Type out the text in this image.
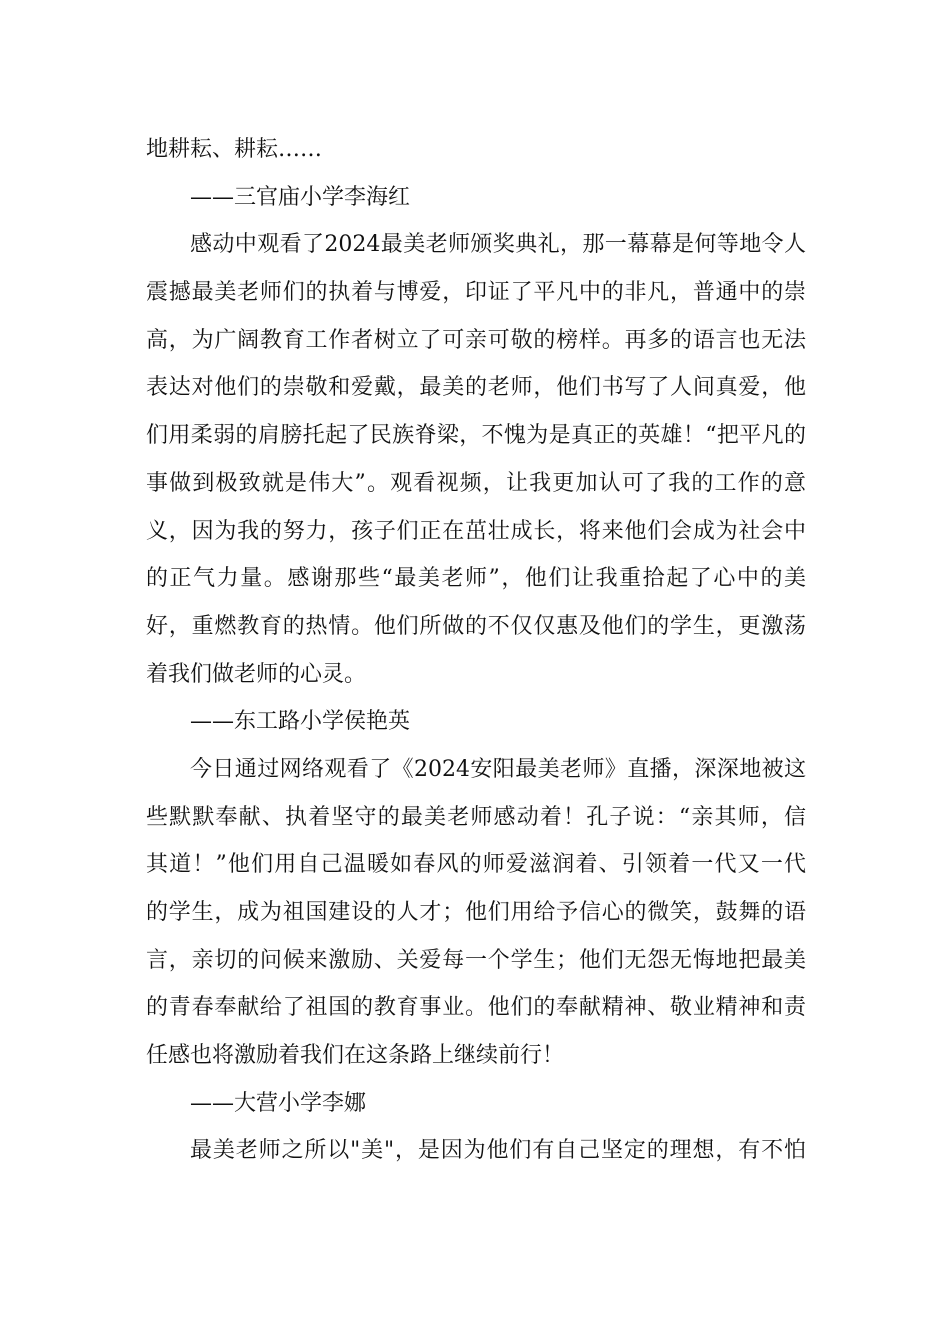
地耕耘、耕耘……
——三官庙小学李海红
感动中观看了2024最美老师颁奖典礼，那一幕幕是何等地令人
震撼最美老师们的执着与博爱，印证了平凡中的非凡，普通中的崇
高，为广阔教育工作者树立了可亲可敬的榜样。再多的语言也无法
表达对他们的崇敬和爱戴，最美的老师，他们书写了人间真爱，他
们用柔弱的肩膀托起了民族脊梁，不愧为是真正的英雄！“把平凡的
事做到极致就是伟大”。观看视频，让我更加认可了我的工作的意
义，因为我的努力，孩子们正在茁壮成长，将来他们会成为社会中
的正气力量。感谢那些“最美老师”，他们让我重拾起了心中的美
好，重燃教育的热情。他们所做的不仅仅惠及他们的学生，更激荡
着我们做老师的心灵。
——东工路小学侯艳英
今日通过网络观看了《2024安阳最美老师》直播，深深地被这
些默默奉献、执着坚守的最美老师感动着！孔子说：“亲其师，信
其道！”他们用自己温暖如春风的师爱滋润着、引领着一代又一代
的学生，成为祖国建设的人才；他们用给予信心的微笑，鼓舞的语
言，亲切的问候来激励、关爱每一个学生；他们无怨无悔地把最美
的青春奉献给了祖国的教育事业。他们的奉献精神、敬业精神和责
任感也将激励着我们在这条路上继续前行！
——大营小学李娜
最美老师之所以"美"，是因为他们有自己坚定的理想，有不怕
